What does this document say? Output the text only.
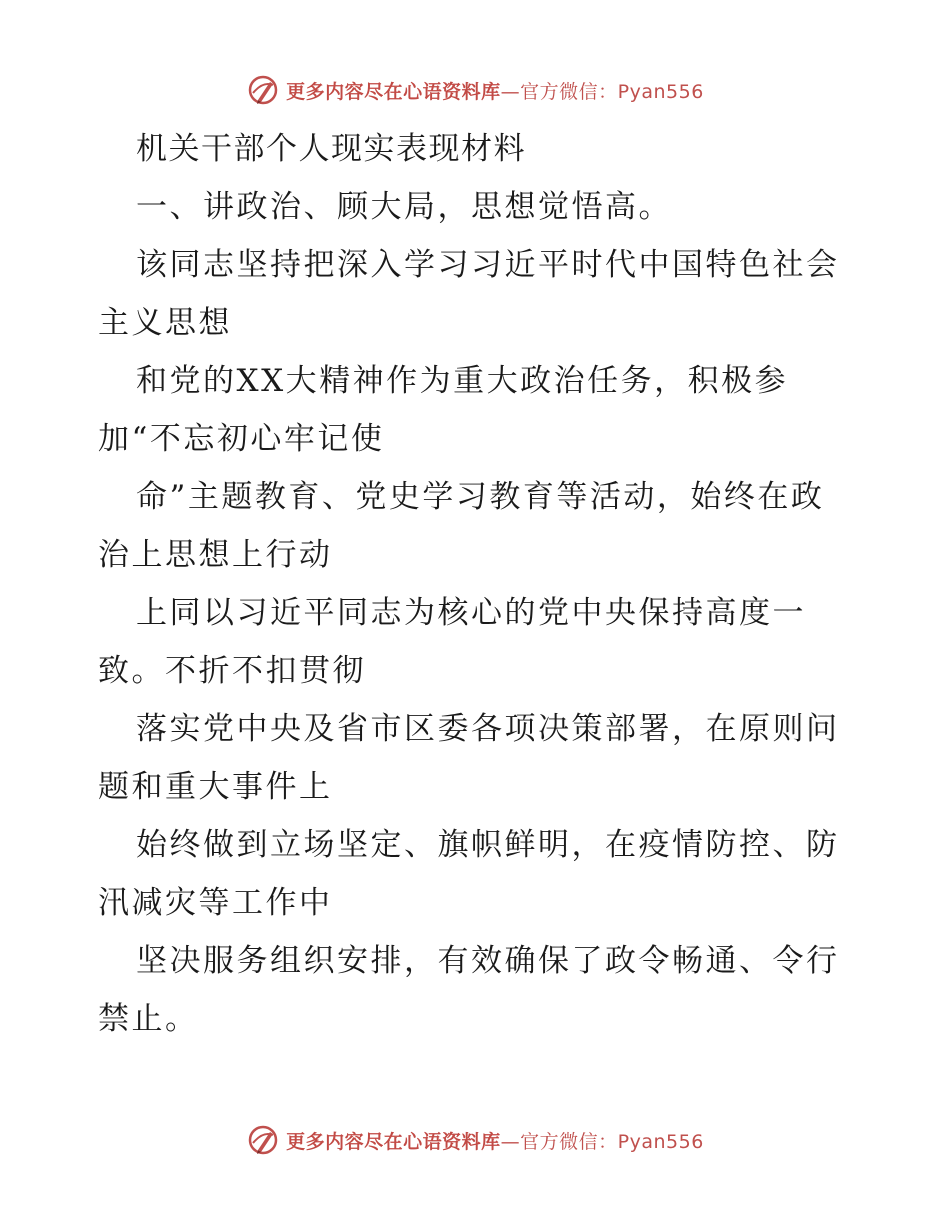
更多内容尽在心语资料库—官方微信：Pyan556
机关干部个人现实表现材料
一、讲政治、顾大局，思想觉悟高。
该同志坚持把深入学习习近平时代中国特色社会
主义思想
和党的XX大精神作为重大政治任务，积极参
加“不忘初心牢记使
命”主题教育、党史学习教育等活动，始终在政
治上思想上行动
上同以习近平同志为核心的党中央保持高度一
致。不折不扣贯彻
落实党中央及省市区委各项决策部署，在原则问
题和重大事件上
始终做到立场坚定、旗帜鲜明，在疫情防控、防
汛减灾等工作中
坚决服务组织安排，有效确保了政令畅通、令行
禁止。
更多内容尽在心语资料库—官方微信：Pyan556
